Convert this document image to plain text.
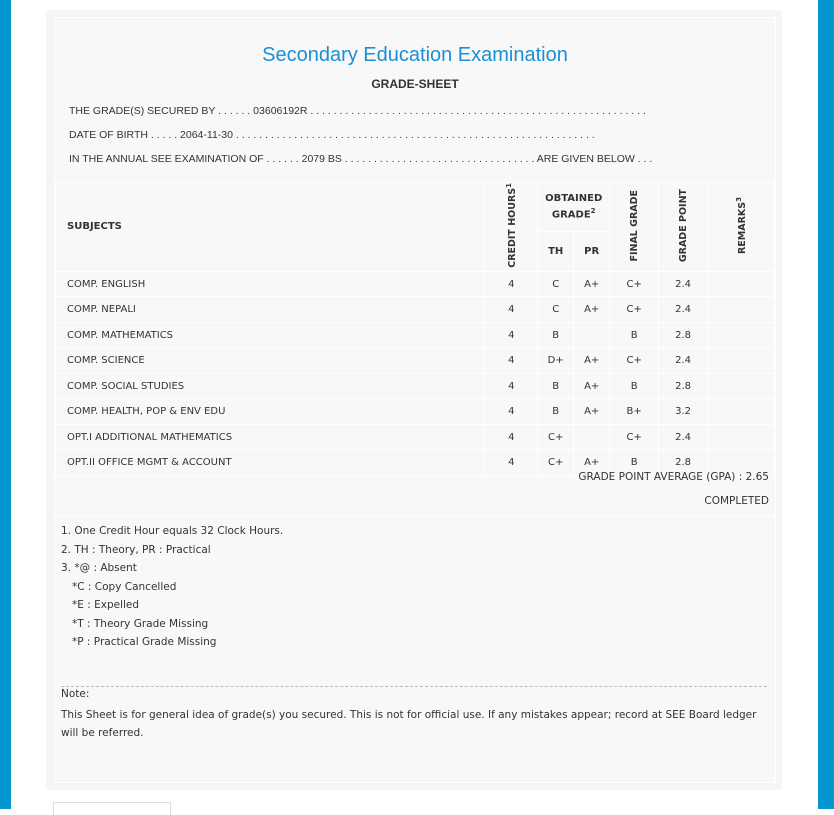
Secondary Education Examination
GRADE-SHEET
THE GRADE(S) SECURED BY . . . . . . 03606192R . . . . . . . . . . . . . . . . . . . . . . . . . . . . . . . . . . . . . . . . . . . . . . . . . . . . . . . . . .
DATE OF BIRTH . . . . . 2064-11-30 . . . . . . . . . . . . . . . . . . . . . . . . . . . . . . . . . . . . . . . . . . . . . . . . . . . . . . . . . . . . . .
IN THE ANNUAL SEE EXAMINATION OF . . . . . . 2079 BS . . . . . . . . . . . . . . . . . . . . . . . . . . . . . . . . . ARE GIVEN BELOW . . .
SUBJECTS	CREDIT HOURS$^1$	OBTAINED GRADE$^2$		FINAL GRADE	GRADE POINT	REMARKS$^3$
		TH	PR			
COMP. ENGLISH	4	C	A+	C+	2.4	
COMP. NEPALI	4	C	A+	C+	2.4	
COMP. MATHEMATICS	4	B		B	2.8	
COMP. SCIENCE	4	D+	A+	C+	2.4	
COMP. SOCIAL STUDIES	4	B	A+	B	2.8	
COMP. HEALTH, POP & ENV EDU	4	B	A+	B+	3.2	
OPT.I ADDITIONAL MATHEMATICS	4	C+		C+	2.4	
OPT.II OFFICE MGMT & ACCOUNT	4	C+	A+	B	2.8	
GRADE POINT AVERAGE (GPA) : 2.65
COMPLETED
1. One Credit Hour equals 32 Clock Hours.
2. TH : Theory, PR : Practical
3. *@ : Absent
*C : Copy Cancelled
*E : Expelled
*T : Theory Grade Missing
*P : Practical Grade Missing
Note:
This Sheet is for general idea of grade(s) you secured. This is not for official use. If any mistakes appear; record at SEE Board ledger will be referred.
